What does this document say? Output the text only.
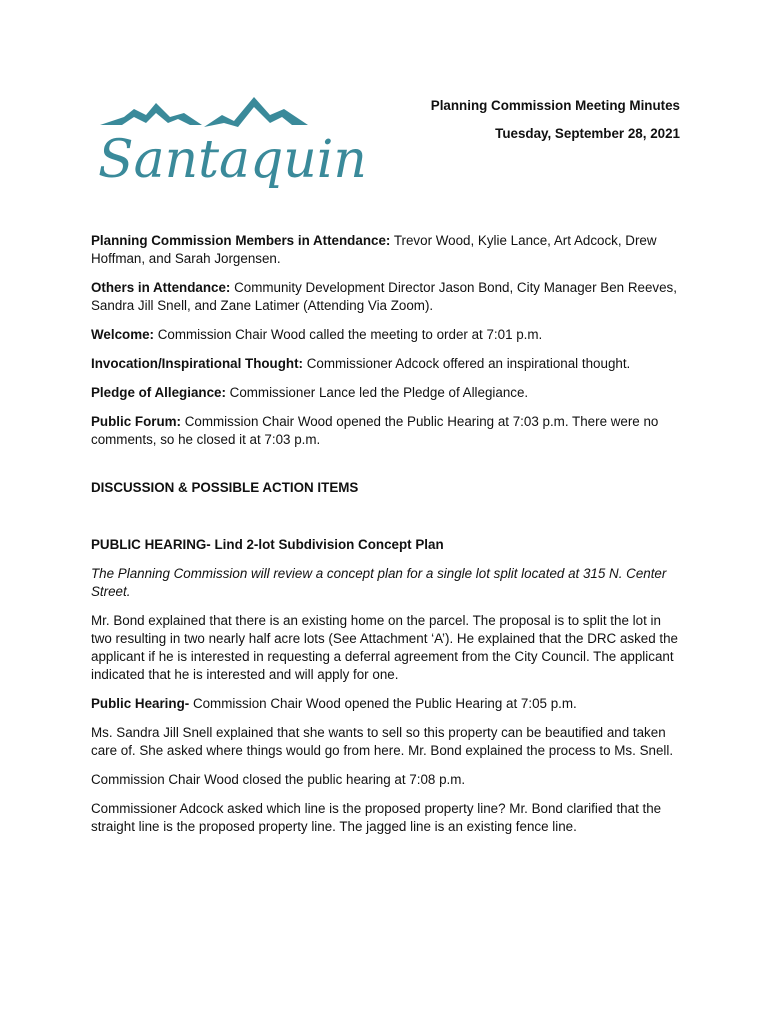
Santaquin
Planning Commission Meeting Minutes
Tuesday, September 28, 2021

Planning Commission Members in Attendance: Trevor Wood, Kylie Lance, Art Adcock, Drew Hoffman, and Sarah Jorgensen.

Others in Attendance: Community Development Director Jason Bond, City Manager Ben Reeves, Sandra Jill Snell, and Zane Latimer (Attending Via Zoom).

Welcome: Commission Chair Wood called the meeting to order at 7:01 p.m.

Invocation/Inspirational Thought: Commissioner Adcock offered an inspirational thought.

Pledge of Allegiance: Commissioner Lance led the Pledge of Allegiance.

Public Forum: Commission Chair Wood opened the Public Hearing at 7:03 p.m. There were no comments, so he closed it at 7:03 p.m.

DISCUSSION & POSSIBLE ACTION ITEMS
PUBLIC HEARING- Lind 2-lot Subdivision Concept Plan

The Planning Commission will review a concept plan for a single lot split located at 315 N. Center Street.

Mr. Bond explained that there is an existing home on the parcel. The proposal is to split the lot in two resulting in two nearly half acre lots (See Attachment ‘A’). He explained that the DRC asked the applicant if he is interested in requesting a deferral agreement from the City Council. The applicant indicated that he is interested and will apply for one.

Public Hearing- Commission Chair Wood opened the Public Hearing at 7:05 p.m.

Ms. Sandra Jill Snell explained that she wants to sell so this property can be beautified and taken care of. She asked where things would go from here. Mr. Bond explained the process to Ms. Snell.

Commission Chair Wood closed the public hearing at 7:08 p.m.

Commissioner Adcock asked which line is the proposed property line? Mr. Bond clarified that the straight line is the proposed property line. The jagged line is an existing fence line.
